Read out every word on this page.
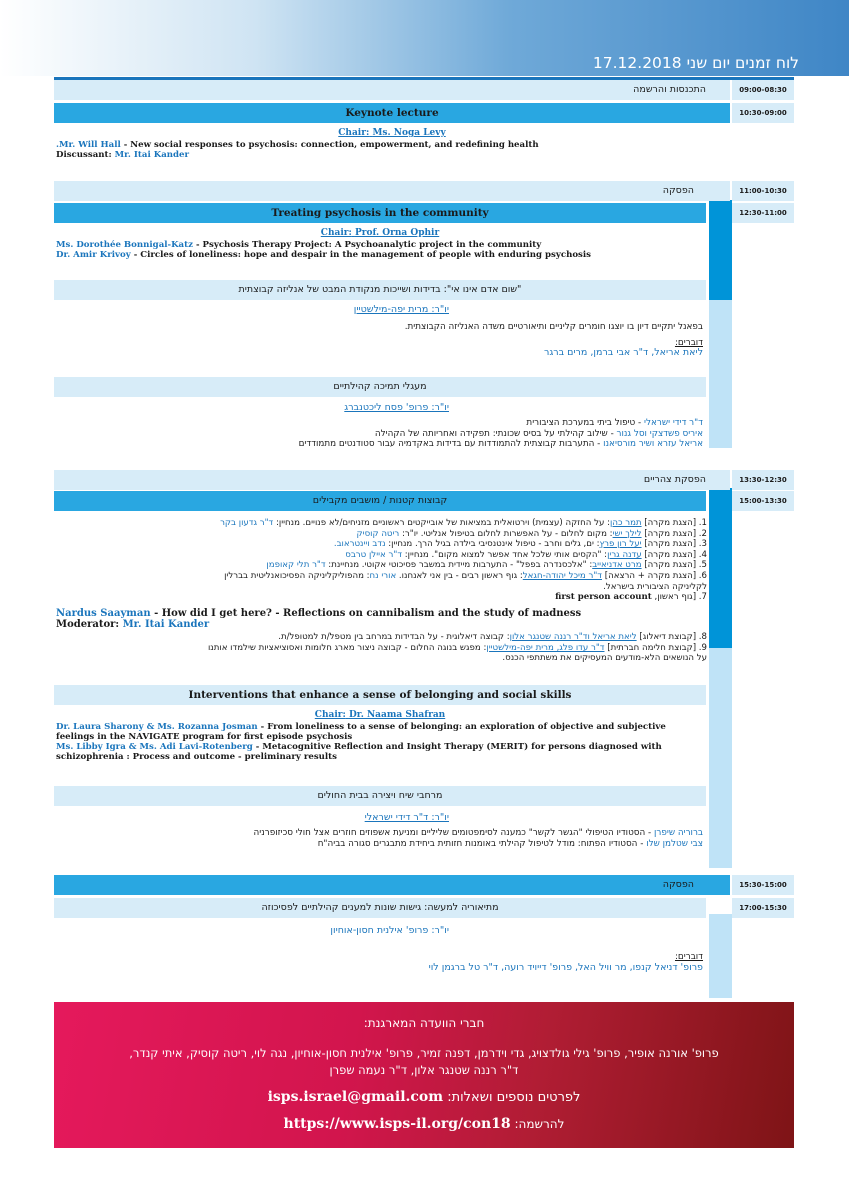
לוח זמנים יום שני 17.12.2018
מושבים מקבילים
מושבים מקבילים
התכנסות והרשמה	09:00-08:30
Keynote lecture	10:30-09:00
Chair: Ms. Noga Levy
.Mr. Will Hall - New social responses to psychosis: connection, empowerment, and redefining health
Discussant: Mr. Itai Kander
הפסקה	11:00-10:30
Treating psychosis in the community	12:30-11:00
Chair: Prof. Orna Ophir
Ms. Dorothée Bonnigal-Katz - Psychosis Therapy Project: A Psychoanalytic project in the community
Dr. Amir Krivoy - Circles of loneliness: hope and despair in the management of people with enduring psychosis
"שום אדם אינו אי": בדידות ושייכות מנקודת המבט של אנליזה קבוצתית
יו"ר: מרית יפה-מילשטיין
בפאנל יתקיים דיון בו יוצגו חומרים קליניים ותיאורטיים משדה האנליזה הקבוצתית.
דוברים:
ליאת אריאל, ד"ר אבי ברמן, מרים ברגר
מעגלי תמיכה קהילתיים
יו"ר: פרופ' פסח ליכטנברג
ד"ר דידי ישראלי - טיפול ביתי במערכת הציבורית
איריס פשדצקי וסל גנור - שילוב קהילתי על בסיס שכונתי: תפקידה ואחריותה של הקהילה
אריאל עזרא ושיר מורסיאנו - התערבות קבוצתית להתמודדות עם בדידות באקדמיה עבור סטודנטים מתמודדים
הפסקת צהריים	13:30-12:30
קבוצות קטנות / מושבים מקבילים	15:00-13:30
1. [הצגת מקרה] תמר כהן: על החזקה (עצמית) וירטואלית במציאות של אובייקטים ראשוניים מזניחים/לא פנויים. מנחיין: ד"ר גדעון בקר
2. [הצגת מקרה] לילך ישי: מקום לחלום - על האפשרות לחלום בטיפול אנליטי. יו"ר: ריטה קוסיק
3. [הצגת מקרה] יעל רון פרץ: ים, גלים וחרב - טיפול אינטנסיבי בילדה בגיל הרך. מנחיין: נדב ויינטראוב.
4. [הצגת מקרה] עדנה גרין: "הקסים אותי שלכל אחד אפשר למצוא מקום". מנחיין: ד"ר איילן טרבס
5. [הצגת מקרה] מרט אדניאייב: "אלכסנדרה בפפל" - התערבות מיידית במשבר פסיכוטי אקוטי. מנחיינת: ד"ר תלי קאופמן
6. [הצגת מקרה + הרצאה] ד"ר מיכל יהודה-חגאל: גוף ראשון רבים - בין אני לאנחנו. אורי נח: מהפוליקליניקה הפסיכואנליטית בברלין
לקליניקה הציבורית בישראל.
7. [גוף ראשון, first person account
Nardus Saayman - How did I get here? - Reflections on cannibalism and the study of madness
Moderator: Mr. Itai Kander
8. [קבוצת דיאלוג] ליאת אריאל וד"ר רננה שטנגר אלון: קבוצה דיאלוגית - על הבדידות במרחב בין מטפל/ת למטופל/ת.
9. [קבוצת חלימה חברתית] ד"ר עדו פלג, מרית יפה-מילשטיין: מפגש בנוגה החלום - קבוצה ניצור מארג חלומות ואסוציאציות שילמדו אותנו
על הנושאים הלא-מודעים המעסיקים את משתתפי הכנס.
Interventions that enhance a sense of belonging and social skills
Chair: Dr. Naama Shafran
Dr. Laura Sharony & Ms. Rozanna Josman - From loneliness to a sense of belonging: an exploration of objective and subjective
feelings in the NAVIGATE program for first episode psychosis
Ms. Libby Igra & Ms. Adi Lavi-Rotenberg - Metacognitive Reflection and Insight Therapy (MERIT) for persons diagnosed with
schizophrenia : Process and outcome - preliminary results
מרחבי שיח ויצירה בבית החולים
יו"ר: ד"ר דידי ישראלי
ברוריה שיפרן - הסטודיו הטיפולי "הגשר לקשר" כמענה לסימפטומים שליליים ומניעת אשפוזים חוזרים אצל חולי סכיזופרניה
צבי שטלמן שלו - הסטודיו הפתוח: מודל לטיפול קהילתי באומנות חזותית ביחידת מתבגרים סגורה בביה"ח
הפסקה	15:30-15:00
מתיאוריה למעשה: גישות שונות למענים קהילתיים לפסיכוזה	17:00-15:30
יו"ר: פרופ' אילנית חסון-אוחיון
דוברים:
פרופ' דניאל קנפו, מר וויל האל, פרופ' דייויד רועה, ד"ר טל ברגמן לוי
חברי הוועדה המארגנת:
פרופ' אורנה אופיר, פרופ' גילי גולדצויג, גדי וידרמן, דפנה זמיר, פרופ' אילנית חסון-אוחיון, נגה לוי, ריטה קוסיק, איתי קנדר,
ד"ר רננה שטנגר אלון, ד"ר נעמה שפרן
לפרטים נוספים ושאלות: isps.israel@gmail.com
להרשמה: https://www.isps-il.org/con18
